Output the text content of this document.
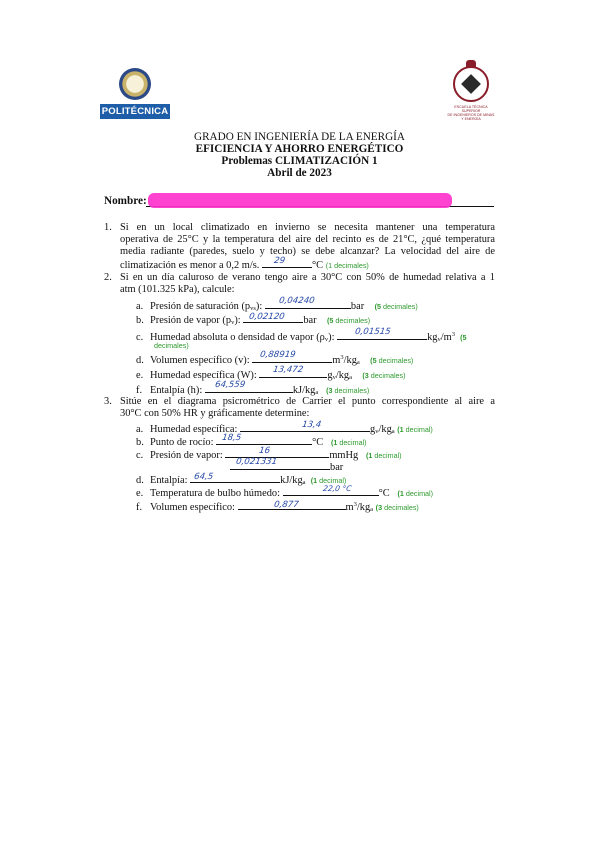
POLITÉCNICA	ESCUELA TÉCNICA SUPERIOR
DE INGENIEROS DE MINAS Y ENERGÍA
GRADO EN INGENIERÍA DE LA ENERGÍA
EFICIENCIA Y AHORRO ENERGÉTICO
Problemas CLIMATIZACIÓN 1
Abril de 2023
Nombre:
1. Si en un local climatizado en invierno se necesita mantener una temperatura
operativa de 25°C y la temperatura del aire del recinto es de 21°C, ¿qué temperatura
media radiante (paredes, suelo y techo) se debe alcanzar? La velocidad del aire de
climatización es menor a 0,2 m/s. 29	°C (1 decimales)
2. Si en un día caluroso de verano tengo aire a 30°C con 50% de humedad relativa a 1
atm (101.325 kPa), calcule:
a. Presión de saturación $(p_{vs})$: 0,04240	bar (5 decimales)
b. Presión de vapor $(p_v)$: 0,02120 bar (5 decimales)
c. Humedad absoluta o densidad de vapor $(\rho_v)$: 0,01515	$kg_v/m^3$ (5
decimales)
d. Volumen específico (v): 0,88919	$m^3/kg_a$ (5 decimales)
e. Humedad específica (W): 13,472 $g_v/kg_a$ (3 decimales)
f. Entalpía (h): 64,559	$kJ/kg_a$ (3 decimales)
3. Sitúe en el diagrama psicrométrico de Carrier el punto correspondiente al aire a
30°C con 50% HR y gráficamente determine:
a. Humedad específica:	13,4	$g_v/kg_a$ (1 decimal)
b. Punto de rocío: 18,5	°C (1 decimal)
c. Presión de vapor:	16	mmHg (1 decimal)
0,021331	bar
d. Entalpía: 64,5	$kJ/kg_a$ (1 decimal)
e. Temperatura de bulbo húmedo:	22,0 °C	°C (1 decimal)
f. Volumen específico:	0,877	$m^3/kg_a$ (3 decimales)
